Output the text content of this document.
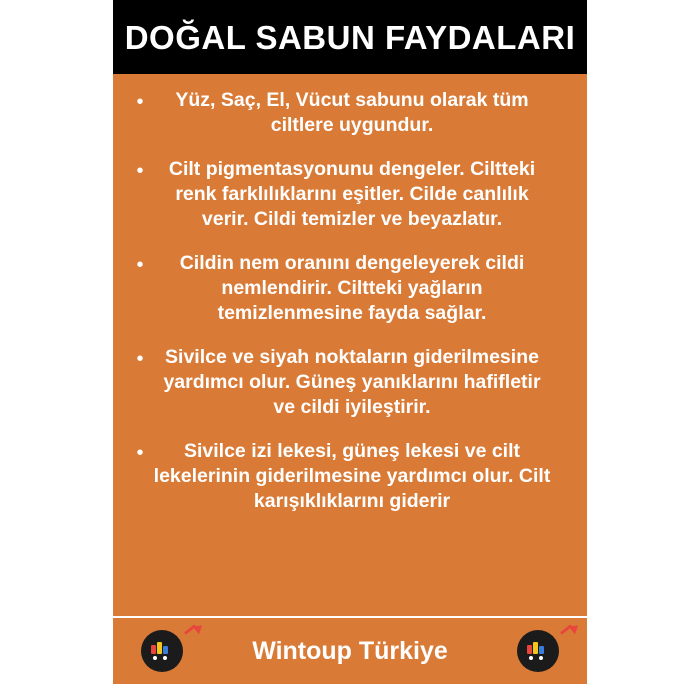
DOĞAL SABUN FAYDALARI
•	Yüz, Saç, El, Vücut sabunu olarak tüm ciltlere uygundur.
•	Cilt pigmentasyonunu dengeler. Ciltteki renk farklılıklarını eşitler. Cilde canlılık verir. Cildi temizler ve beyazlatır.
•	Cildin nem oranını dengeleyerek cildi nemlendirir. Ciltteki yağların temizlenmesine fayda sağlar.
•	Sivilce ve siyah noktaların giderilmesine yardımcı olur. Güneş yanıklarını hafifletir ve cildi iyileştirir.
•	Sivilce izi lekesi, güneş lekesi ve cilt lekelerinin giderilmesine yardımcı olur. Cilt karışıklıklarını giderir
Wintoup Türkiye
